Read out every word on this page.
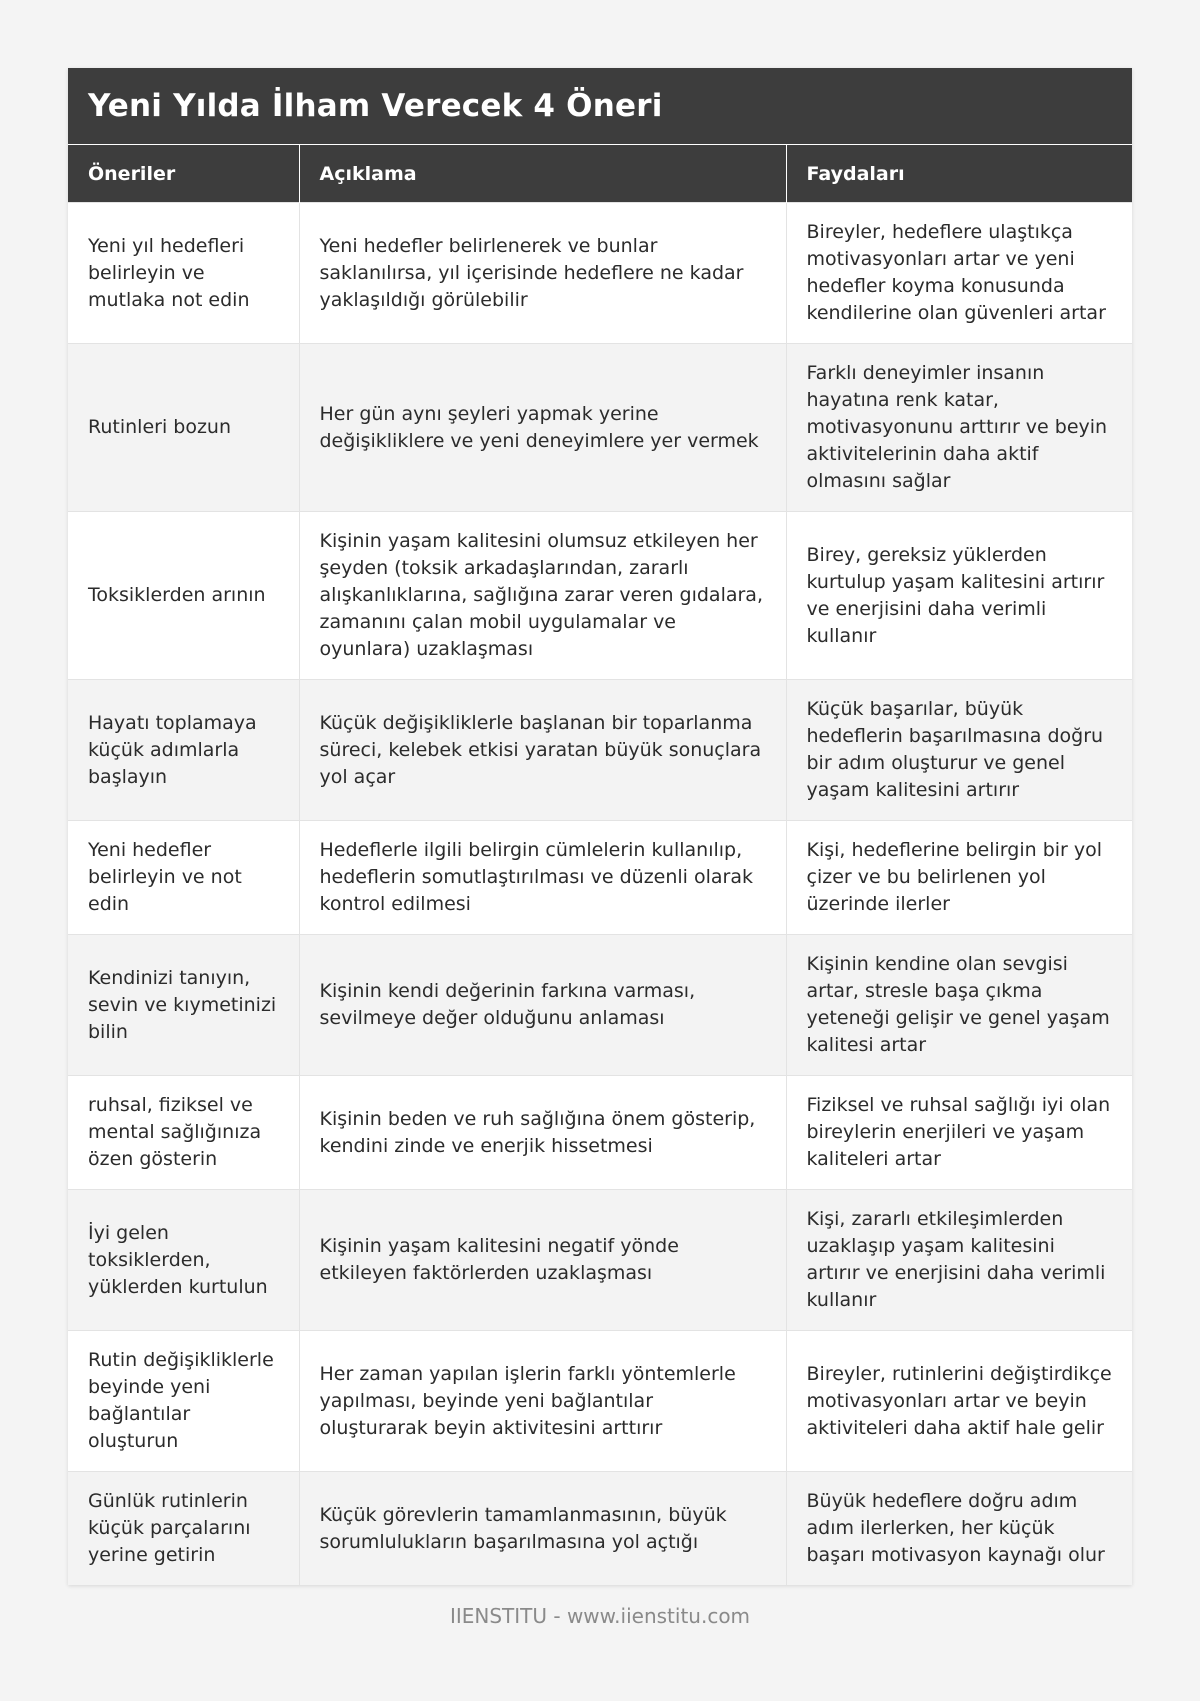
Yeni Yılda İlham Verecek 4 Öneri
Öneriler	Açıklama	Faydaları
Yeni yıl hedefleri belirleyin ve mutlaka not edin	Yeni hedefler belirlenerek ve bunlar saklanılırsa, yıl içerisinde hedeflere ne kadar yaklaşıldığı görülebilir	Bireyler, hedeflere ulaştıkça motivasyonları artar ve yeni hedefler koyma konusunda kendilerine olan güvenleri artar
Rutinleri bozun	Her gün aynı şeyleri yapmak yerine değişikliklere ve yeni deneyimlere yer vermek	Farklı deneyimler insanın hayatına renk katar, motivasyonunu arttırır ve beyin aktivitelerinin daha aktif olmasını sağlar
Toksiklerden arının	Kişinin yaşam kalitesini olumsuz etkileyen her şeyden (toksik arkadaşlarından, zararlı alışkanlıklarına, sağlığına zarar veren gıdalara, zamanını çalan mobil uygulamalar ve oyunlara) uzaklaşması	Birey, gereksiz yüklerden kurtulup yaşam kalitesini artırır ve enerjisini daha verimli kullanır
Hayatı toplamaya küçük adımlarla başlayın	Küçük değişikliklerle başlanan bir toparlanma süreci, kelebek etkisi yaratan büyük sonuçlara yol açar	Küçük başarılar, büyük hedeflerin başarılmasına doğru bir adım oluşturur ve genel yaşam kalitesini artırır
Yeni hedefler belirleyin ve not edin	Hedeflerle ilgili belirgin cümlelerin kullanılıp, hedeflerin somutlaştırılması ve düzenli olarak kontrol edilmesi	Kişi, hedeflerine belirgin bir yol çizer ve bu belirlenen yol üzerinde ilerler
Kendinizi tanıyın, sevin ve kıymetinizi bilin	Kişinin kendi değerinin farkına varması, sevilmeye değer olduğunu anlaması	Kişinin kendine olan sevgisi artar, stresle başa çıkma yeteneği gelişir ve genel yaşam kalitesi artar
ruhsal, fiziksel ve mental sağlığınıza özen gösterin	Kişinin beden ve ruh sağlığına önem gösterip, kendini zinde ve enerjik hissetmesi	Fiziksel ve ruhsal sağlığı iyi olan bireylerin enerjileri ve yaşam kaliteleri artar
İyi gelen toksiklerden, yüklerden kurtulun	Kişinin yaşam kalitesini negatif yönde etkileyen faktörlerden uzaklaşması	Kişi, zararlı etkileşimlerden uzaklaşıp yaşam kalitesini artırır ve enerjisini daha verimli kullanır
Rutin değişikliklerle beyinde yeni bağlantılar oluşturun	Her zaman yapılan işlerin farklı yöntemlerle yapılması, beyinde yeni bağlantılar oluşturarak beyin aktivitesini arttırır	Bireyler, rutinlerini değiştirdikçe motivasyonları artar ve beyin aktiviteleri daha aktif hale gelir
Günlük rutinlerin küçük parçalarını yerine getirin	Küçük görevlerin tamamlanmasının, büyük sorumlulukların başarılmasına yol açtığı	Büyük hedeflere doğru adım adım ilerlerken, her küçük başarı motivasyon kaynağı olur
IIENSTITU - www.iienstitu.com
